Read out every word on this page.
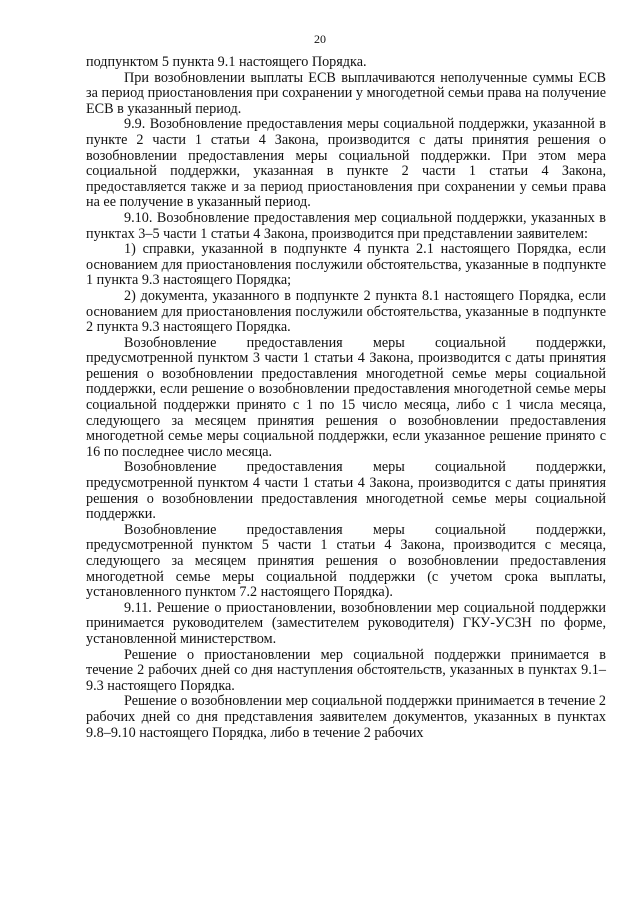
20

подпунктом 5 пункта 9.1 настоящего Порядка.

При возобновлении выплаты ЕСВ выплачиваются неполученные суммы ЕСВ за период приостановления при сохранении у многодетной семьи права на получение ЕСВ в указанный период.

9.9. Возобновление предоставления меры социальной поддержки, указанной в пункте 2 части 1 статьи 4 Закона, производится с даты принятия решения о возобновлении предоставления меры социальной поддержки. При этом мера социальной поддержки, указанная в пункте 2 части 1 статьи 4 Закона, предоставляется также и за период приостановления при сохранении у семьи права на ее получение в указанный период.

9.10. Возобновление предоставления мер социальной поддержки, указанных в пунктах 3–5 части 1 статьи 4 Закона, производится при представлении заявителем:

1) справки, указанной в подпункте 4 пункта 2.1 настоящего Порядка, если основанием для приостановления послужили обстоятельства, указанные в подпункте 1 пункта 9.3 настоящего Порядка;

2) документа, указанного в подпункте 2 пункта 8.1 настоящего Порядка, если основанием для приостановления послужили обстоятельства, указанные в подпункте 2 пункта 9.3 настоящего Порядка.

Возобновление предоставления меры социальной поддержки, предусмотренной пунктом 3 части 1 статьи 4 Закона, производится с даты принятия решения о возобновлении предоставления многодетной семье меры социальной поддержки, если решение о возобновлении предоставления многодетной семье меры социальной поддержки принято с 1 по 15 число месяца, либо с 1 числа месяца, следующего за месяцем принятия решения о возобновлении предоставления многодетной семье меры социальной поддержки, если указанное решение принято с 16 по последнее число месяца.

Возобновление предоставления меры социальной поддержки, предусмотренной пунктом 4 части 1 статьи 4 Закона, производится с даты принятия решения о возобновлении предоставления многодетной семье меры социальной поддержки.

Возобновление предоставления меры социальной поддержки, предусмотренной пунктом 5 части 1 статьи 4 Закона, производится с месяца, следующего за месяцем принятия решения о возобновлении предоставления многодетной семье меры социальной поддержки (с учетом срока выплаты, установленного пунктом 7.2 настоящего Порядка).

9.11. Решение о приостановлении, возобновлении мер социальной поддержки принимается руководителем (заместителем руководителя) ГКУ-УСЗН по форме, установленной министерством.

Решение о приостановлении мер социальной поддержки принимается в течение 2 рабочих дней со дня наступления обстоятельств, указанных в пунктах 9.1–9.3 настоящего Порядка.

Решение о возобновлении мер социальной поддержки принимается в течение 2 рабочих дней со дня представления заявителем документов, указанных в пунктах 9.8–9.10 настоящего Порядка, либо в течение 2 рабочих
